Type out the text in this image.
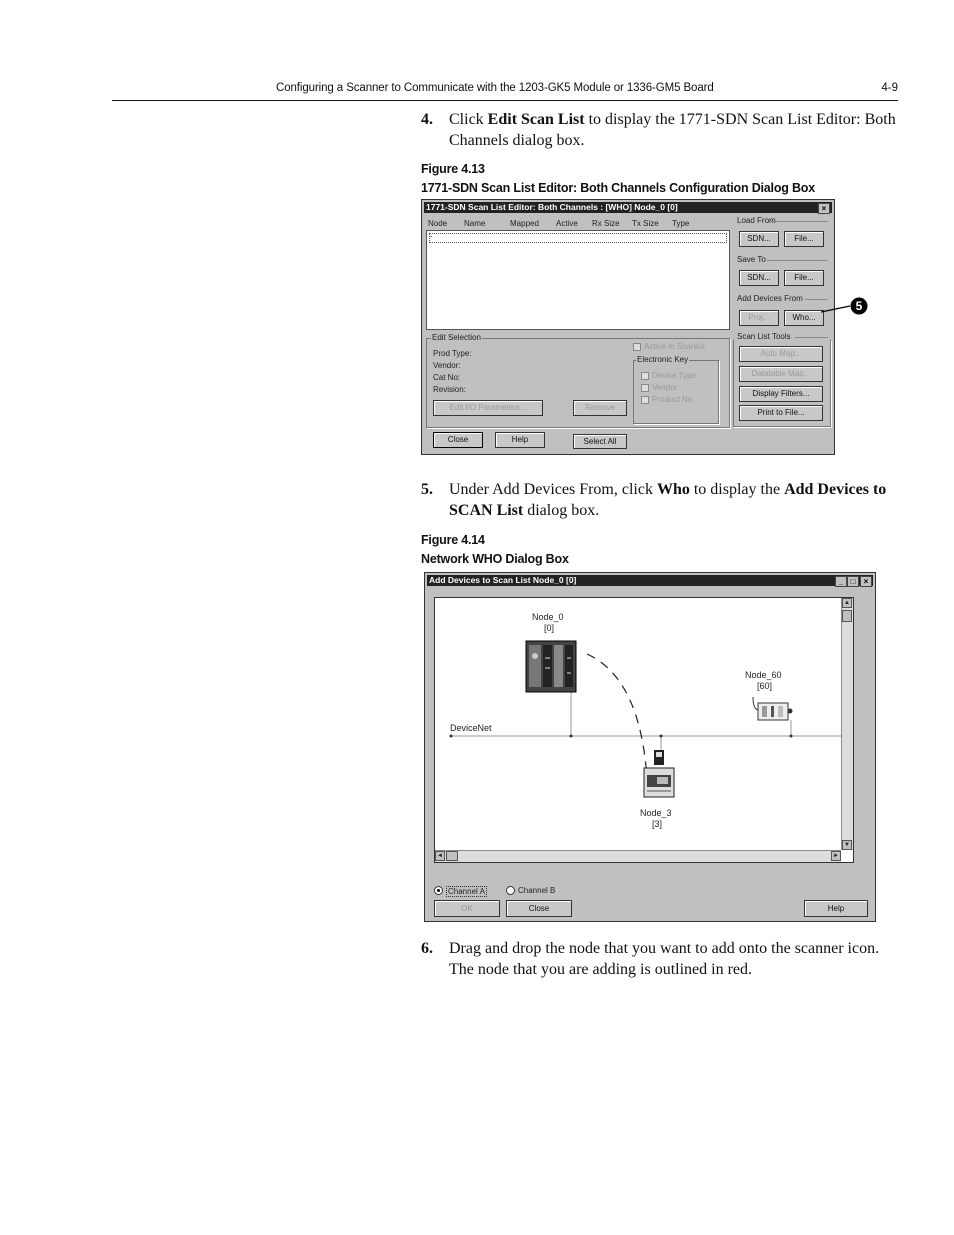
Configuring a Scanner to Communicate with the 1203-GK5 Module or 1336-GM5 Board	4-9
4. Click Edit Scan List to display the 1771-SDN Scan List Editor: Both Channels dialog box.
Figure 4.13
1771-SDN Scan List Editor: Both Channels Configuration Dialog Box
1771-SDN Scan List Editor: Both Channels : [WHO] Node_0 [0]	×
Node Name	Mapped Active Rx Size Tx Size Type
-
Load From
SDN...	File...
Save To
SDN...	File...
Add Devices From
Proj...	Who...
Scan List Tools
Auto Map...
Datatable Map...
Display Filters...
Print to File...
Edit Selection
Prod Type:
Vendor:
Cat No:
Revision:
Active In Scanlist
Electronic Key
Device Type
Vendor
Product No.
Edit I/O Parameters...	Remove
Close	Help	Select All
5
5. Under Add Devices From, click Who to display the Add Devices to SCAN List dialog box.
Figure 4.14
Network WHO Dialog Box
Add Devices to Scan List Node_0 [0]	_ □	×
Node_0
[0]
Node_60
[60]
DeviceNet
Node_3
[3]
▲
▼
◄	►
Channel A	Channel B
OK	Close	Help
6. Drag and drop the node that you want to add onto the scanner icon. The node that you are adding is outlined in red.
